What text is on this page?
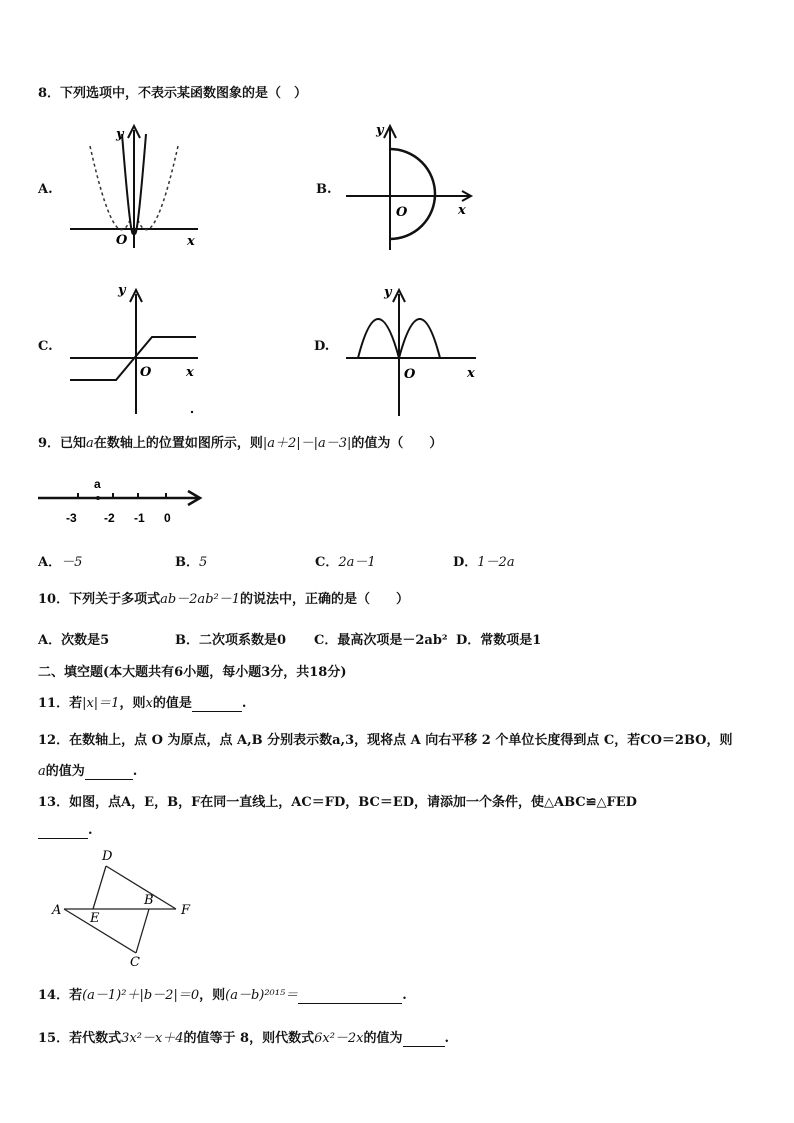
8．下列选项中，不表示某函数图象的是（　）
A.
y
x
O
B.
y
x
O
C.
y
x
O
D.
y
x
O
9．已知a在数轴上的位置如图所示，则|a＋2|－|a－3|的值为（　　）
a
-3 -2 -1 0
A．－5	B．5	C．2a－1	D．1－2a
10．下列关于多项式ab－2ab²－1的说法中，正确的是（　　）
A．次数是5	B．二次项系数是0 C．最高次项是－2ab² D．常数项是1
二、填空题(本大题共有6小题，每小题3分，共18分)
11．若|x|＝1，则x的值是	.
12．在数轴上，点 O 为原点，点 A,B 分别表示数a,3，现将点 A 向右平移 2 个单位长度得到点 C，若CO＝2BO，则
a的值为	.
13．如图，点A，E，B，F在同一直线上，AC＝FD，BC＝ED，请添加一个条件，使△ABC≌△FED
.
A
E
B
F
D
C
14．若(a－1)²＋|b－2|＝0，则(a－b)²⁰¹⁵＝	.
15．若代数式3x²－x＋4的值等于 8，则代数式6x²－2x的值为	.
